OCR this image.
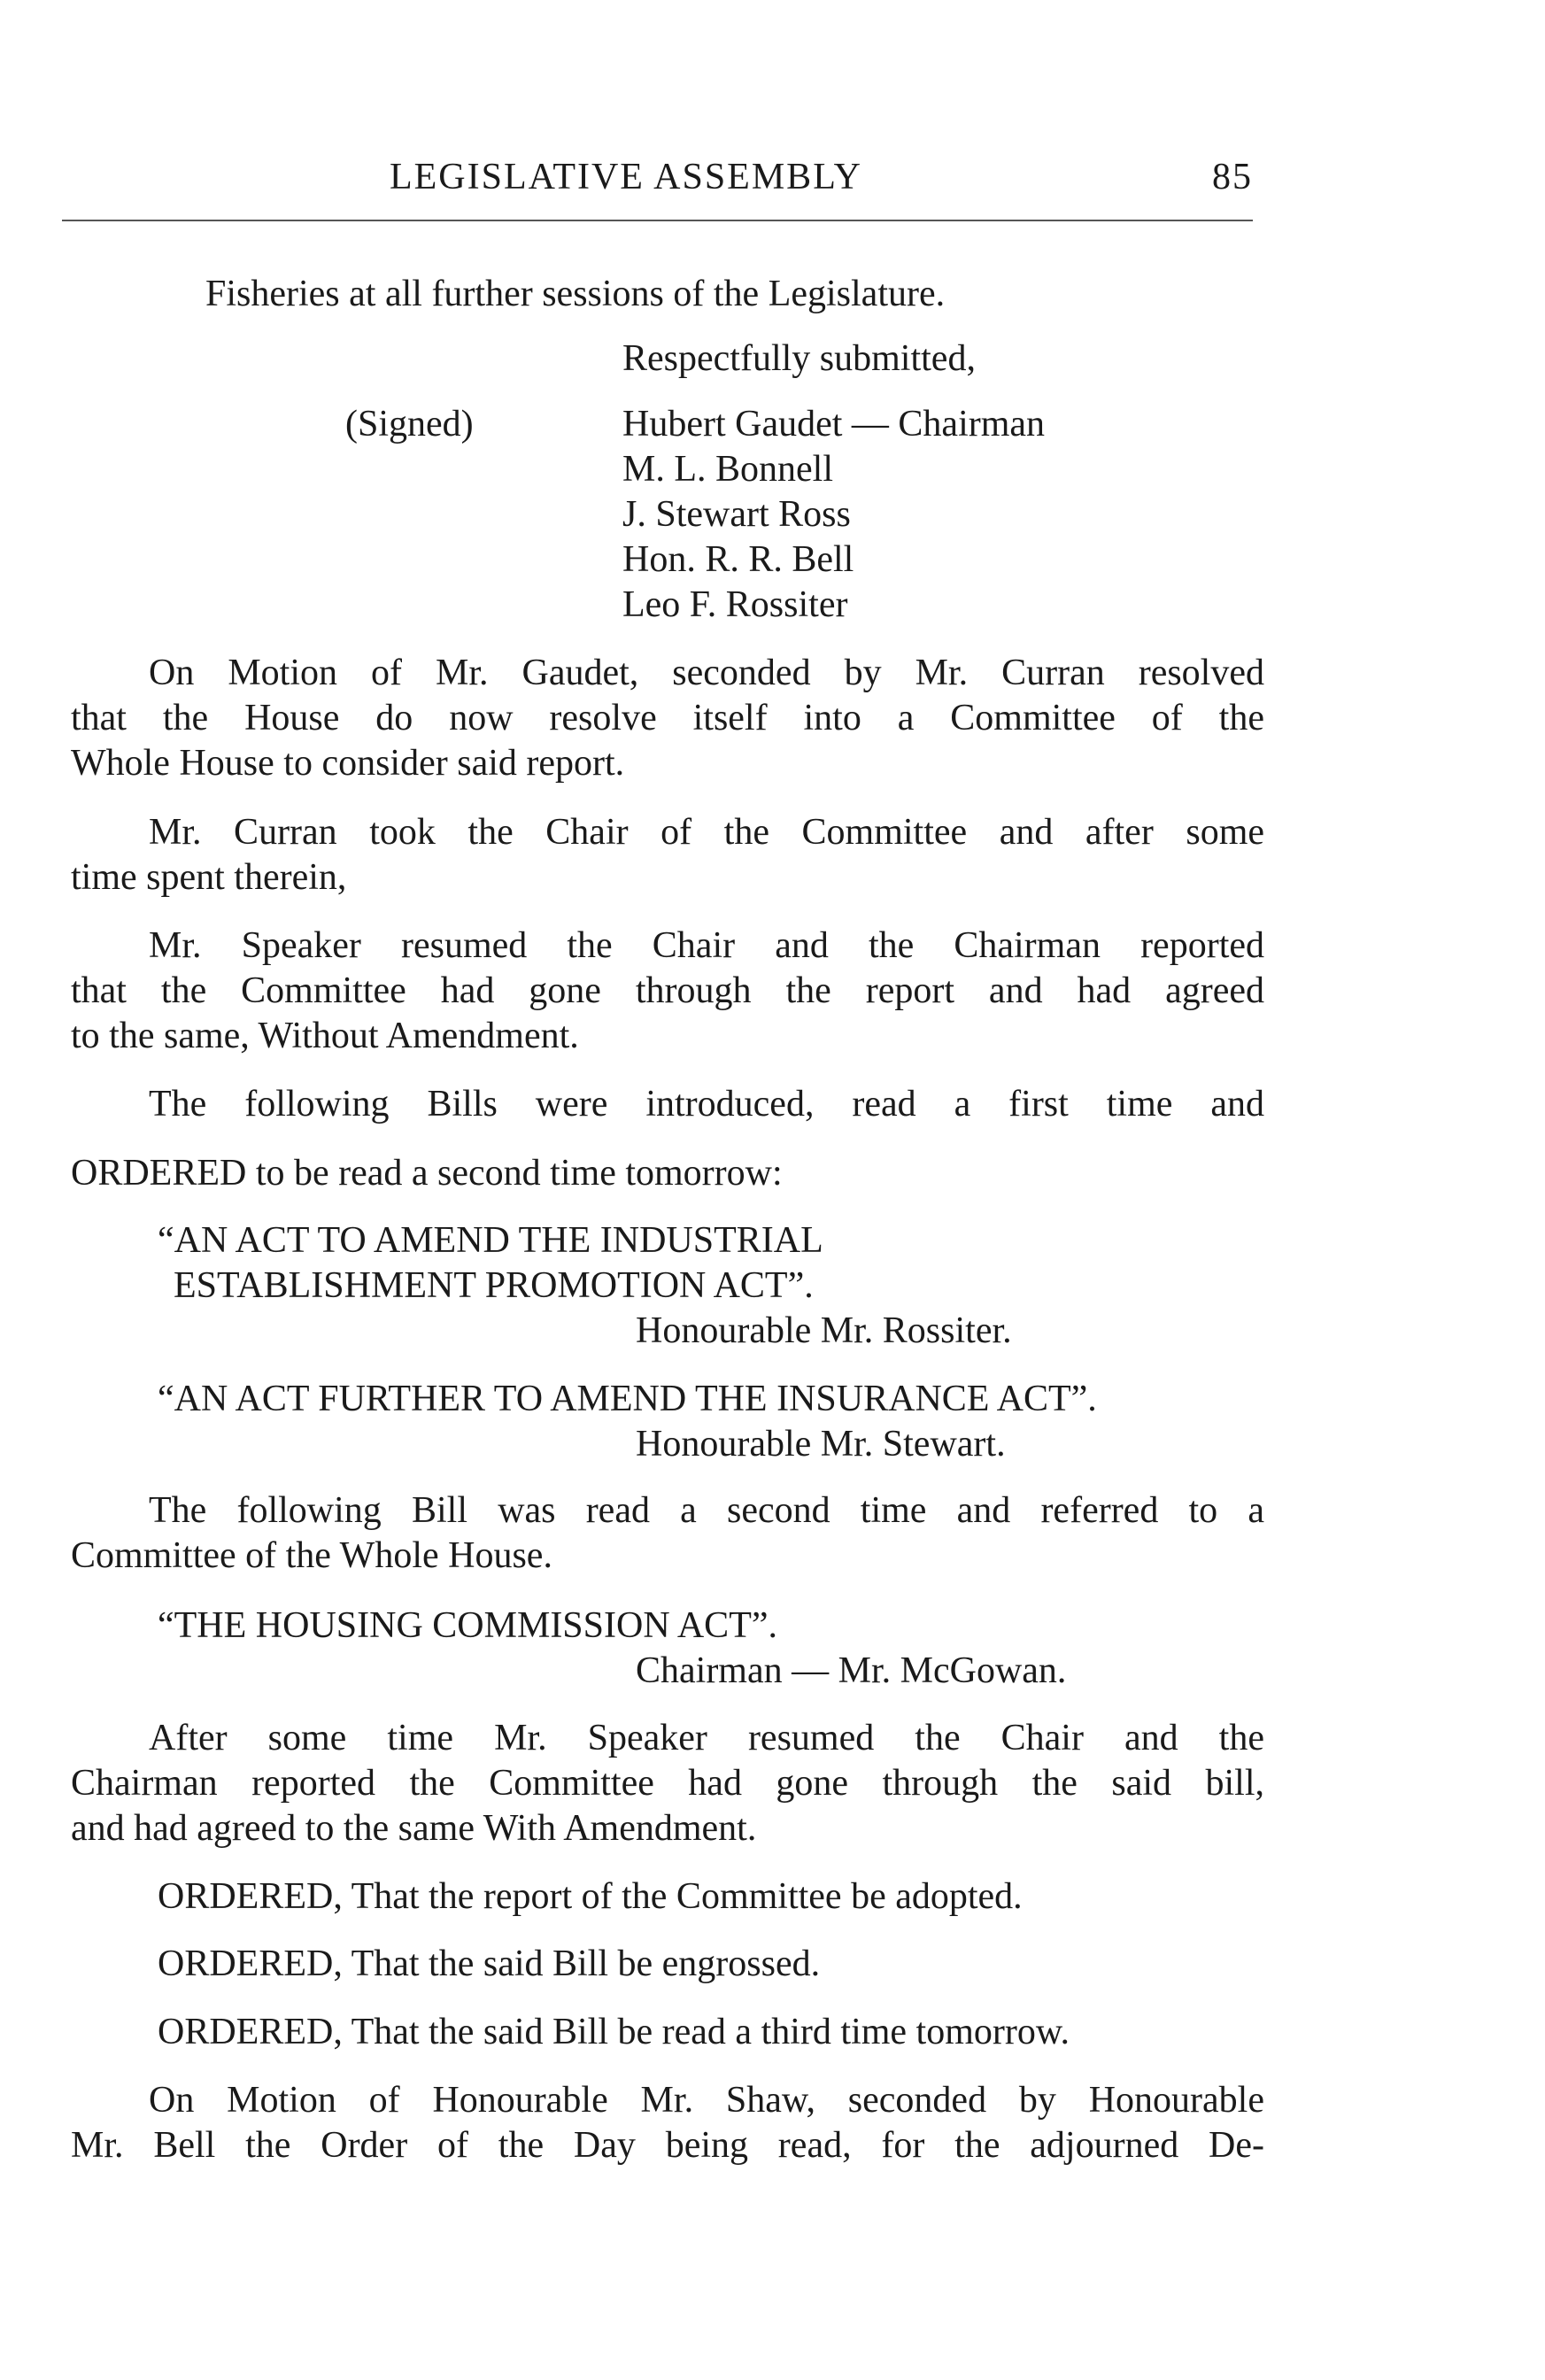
LEGISLATIVE ASSEMBLY	85
Fisheries at all further sessions of the Legislature.
Respectfully submitted,
(Signed)	Hubert Gaudet — Chairman
M. L. Bonnell
J. Stewart Ross
Hon. R. R. Bell
Leo F. Rossiter
On Motion of Mr. Gaudet, seconded by Mr. Curran resolved
that the House do now resolve itself into a Committee of the
Whole House to consider said report.
Mr. Curran took the Chair of the Committee and after some
time spent therein,
Mr. Speaker resumed the Chair and the Chairman reported
that the Committee had gone through the report and had agreed
to the same, Without Amendment.
The following Bills were introduced, read a first time and
ORDERED to be read a second time tomorrow:
“AN ACT TO AMEND THE INDUSTRIAL
ESTABLISHMENT PROMOTION ACT”.
Honourable Mr. Rossiter.
“AN ACT FURTHER TO AMEND THE INSURANCE ACT”.
Honourable Mr. Stewart.
The following Bill was read a second time and referred to a
Committee of the Whole House.
“THE HOUSING COMMISSION ACT”.
Chairman — Mr. McGowan.
After some time Mr. Speaker resumed the Chair and the
Chairman reported the Committee had gone through the said bill,
and had agreed to the same With Amendment.
ORDERED, That the report of the Committee be adopted.
ORDERED, That the said Bill be engrossed.
ORDERED, That the said Bill be read a third time tomorrow.
On Motion of Honourable Mr. Shaw, seconded by Honourable
Mr. Bell the Order of the Day being read, for the adjourned De-
